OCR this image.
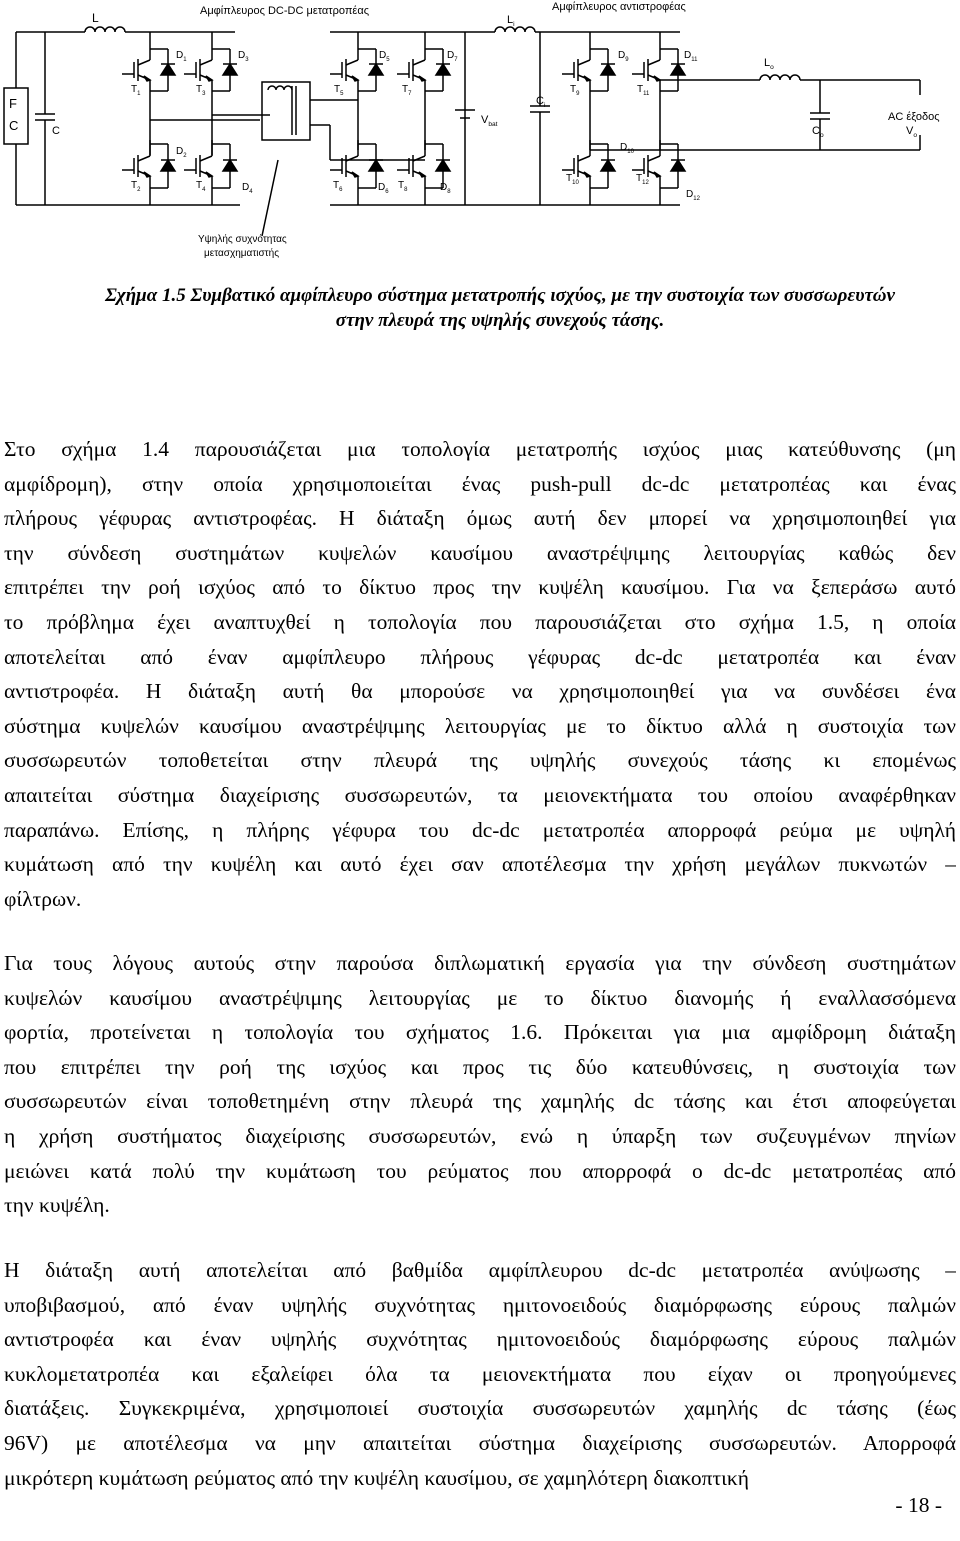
L	Αμφίπλευρος DC-DC μετατροπέας
$L_i$
Αμφίπλευρος αντιστροφέας
F
C	C
$T_1$
$D_1$
$T_3$
$D_3$
$D_2$
$T_2$	$T_4$	$D_4$
Υψηλής συχνότητας
μετασχηματιστής
$T_5$
$D_5$
$T_7$
$D_7$
$T_6$	$D_6$
$T_8$	$D_8$
$V_{bat}$
$C_i$
$D_9$
$T_9$
$D_{11}$
$T_{11}$
$D_{10}$
$T_{10}$	$T_{12}$
$D_{12}$
$L_o$
$C_o$
AC έξοδος
$V_o$
Σχήμα 1.5 Συμβατικό αμφίπλευρο σύστημα μετατροπής ισχύος, με την συστοιχία των συσσωρευτών
στην πλευρά της υψηλής συνεχούς τάσης.
Στο σχήμα 1.4 παρουσιάζεται μια τοπολογία μετατροπής ισχύος μιας κατεύθυνσης (μη
αμφίδρομη), στην οποία χρησιμοποιείται ένας push-pull dc-dc μετατροπέας και ένας
πλήρους γέφυρας αντιστροφέας. Η διάταξη όμως αυτή δεν μπορεί να χρησιμοποιηθεί για
την σύνδεση συστημάτων κυψελών καυσίμου αναστρέψιμης λειτουργίας καθώς δεν
επιτρέπει την ροή ισχύος από το δίκτυο προς την κυψέλη καυσίμου. Για να ξεπεράσω αυτό
το πρόβλημα έχει αναπτυχθεί η τοπολογία που παρουσιάζεται στο σχήμα 1.5, η οποία
αποτελείται από έναν αμφίπλευρο πλήρους γέφυρας dc-dc μετατροπέα και έναν
αντιστροφέα. Η διάταξη αυτή θα μπορούσε να χρησιμοποιηθεί για να συνδέσει ένα
σύστημα κυψελών καυσίμου αναστρέψιμης λειτουργίας με το δίκτυο αλλά η συστοιχία των
συσσωρευτών τοποθετείται στην πλευρά της υψηλής συνεχούς τάσης κι επομένως
απαιτείται σύστημα διαχείρισης συσσωρευτών, τα μειονεκτήματα του οποίου αναφέρθηκαν
παραπάνω. Επίσης, η πλήρης γέφυρα του dc-dc μετατροπέα απορροφά ρεύμα με υψηλή
κυμάτωση από την κυψέλη και αυτό έχει σαν αποτέλεσμα την χρήση μεγάλων πυκνωτών –
φίλτρων.
Για τους λόγους αυτούς στην παρούσα διπλωματική εργασία για την σύνδεση συστημάτων
κυψελών καυσίμου αναστρέψιμης λειτουργίας με το δίκτυο διανομής ή εναλλασσόμενα
φορτία, προτείνεται η τοπολογία του σχήματος 1.6. Πρόκειται για μια αμφίδρομη διάταξη
που επιτρέπει την ροή της ισχύος και προς τις δύο κατευθύνσεις, η συστοιχία των
συσσωρευτών είναι τοποθετημένη στην πλευρά της χαμηλής dc τάσης και έτσι αποφεύγεται
η χρήση συστήματος διαχείρισης συσσωρευτών, ενώ η ύπαρξη των συζευγμένων πηνίων
μειώνει κατά πολύ την κυμάτωση του ρεύματος που απορροφά ο dc-dc μετατροπέας από
την κυψέλη.
Η διάταξη αυτή αποτελείται από βαθμίδα αμφίπλευρου dc-dc μετατροπέα ανύψωσης –
υποβιβασμού, από έναν υψηλής συχνότητας ημιτονοειδούς διαμόρφωσης εύρους παλμών
αντιστροφέα και έναν υψηλής συχνότητας ημιτονοειδούς διαμόρφωσης εύρους παλμών
κυκλομετατροπέα και εξαλείφει όλα τα μειονεκτήματα που είχαν οι προηγούμενες
διατάξεις. Συγκεκριμένα, χρησιμοποιεί συστοιχία συσσωρευτών χαμηλής dc τάσης (έως
96V) με αποτέλεσμα να μην απαιτείται σύστημα διαχείρισης συσσωρευτών. Απορροφά
μικρότερη κυμάτωση ρεύματος από την κυψέλη καυσίμου, σε χαμηλότερη διακοπτική
- 18 -
